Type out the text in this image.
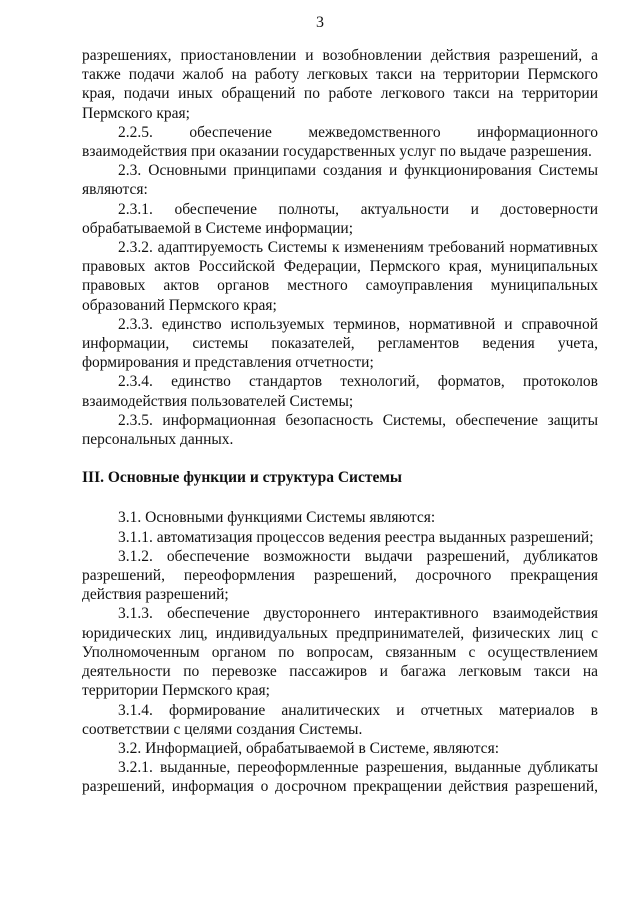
3

разрешениях, приостановлении и возобновлении действия разрешений, а также подачи жалоб на работу легковых такси на территории Пермского края, подачи иных обращений по работе легкового такси на территории Пермского края;

2.2.5. обеспечение межведомственного информационного взаимодействия при оказании государственных услуг по выдаче разрешения.

2.3. Основными принципами создания и функционирования Системы являются:

2.3.1. обеспечение полноты, актуальности и достоверности обрабатываемой в Системе информации;

2.3.2. адаптируемость Системы к изменениям требований нормативных правовых актов Российской Федерации, Пермского края, муниципальных правовых актов органов местного самоуправления муниципальных образований Пермского края;

2.3.3. единство используемых терминов, нормативной и справочной информации, системы показателей, регламентов ведения учета, формирования и представления отчетности;

2.3.4. единство стандартов технологий, форматов, протоколов взаимодействия пользователей Системы;

2.3.5. информационная безопасность Системы, обеспечение защиты персональных данных.

III. Основные функции и структура Системы

3.1. Основными функциями Системы являются:

3.1.1. автоматизация процессов ведения реестра выданных разрешений;

3.1.2. обеспечение возможности выдачи разрешений, дубликатов разрешений, переоформления разрешений, досрочного прекращения действия разрешений;

3.1.3. обеспечение двустороннего интерактивного взаимодействия юридических лиц, индивидуальных предпринимателей, физических лиц с Уполномоченным органом по вопросам, связанным с осуществлением деятельности по перевозке пассажиров и багажа легковым такси на территории Пермского края;

3.1.4. формирование аналитических и отчетных материалов в соответствии с целями создания Системы.

3.2. Информацией, обрабатываемой в Системе, являются:

3.2.1. выданные, переоформленные разрешения, выданные дубликаты разрешений, информация о досрочном прекращении действия разрешений,
